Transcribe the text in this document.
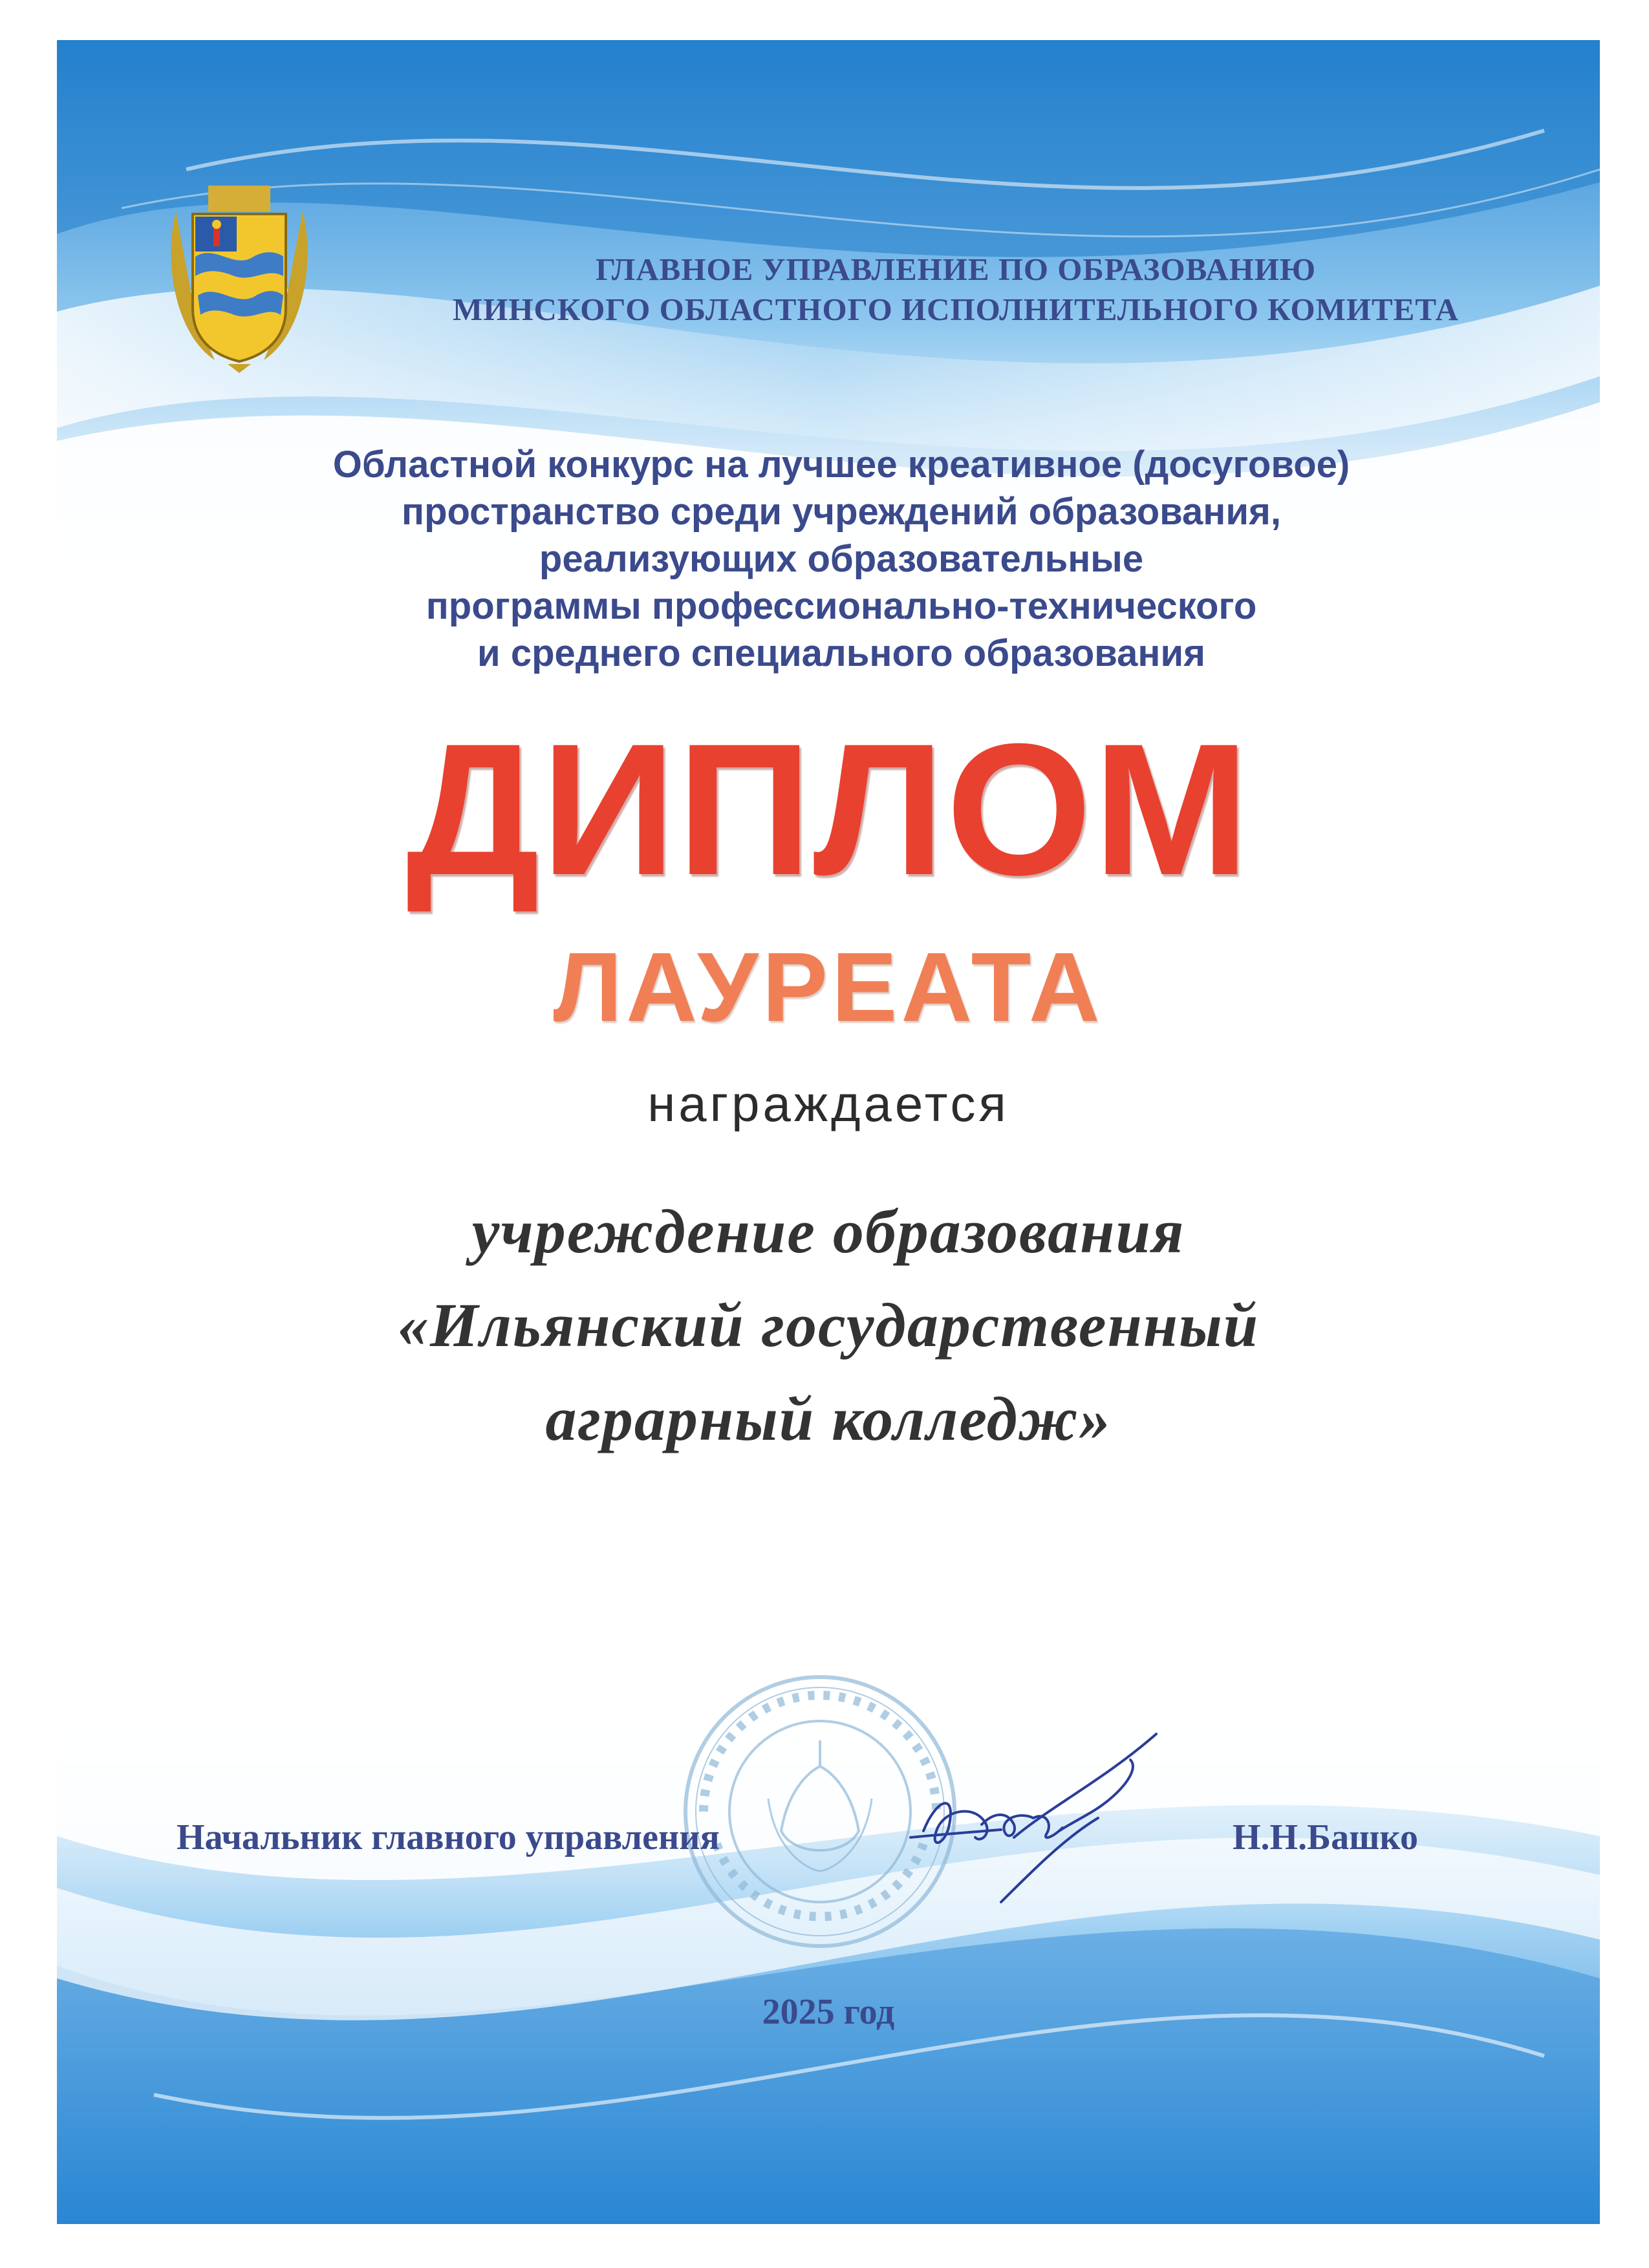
ГЛАВНОЕ УПРАВЛЕНИЕ ПО ОБРАЗОВАНИЮ
МИНСКОГО ОБЛАСТНОГО ИСПОЛНИТЕЛЬНОГО КОМИТЕТА
Областной конкурс на лучшее креативное (досуговое)
пространство среди учреждений образования,
реализующих образовательные
программы профессионально-технического
и среднего специального образования
ДИПЛОМ
ЛАУРЕАТА
награждается
учреждение образования
«Ильянский государственный
аграрный колледж»
Начальник главного управления	Н.Н.Башко
2025 год
